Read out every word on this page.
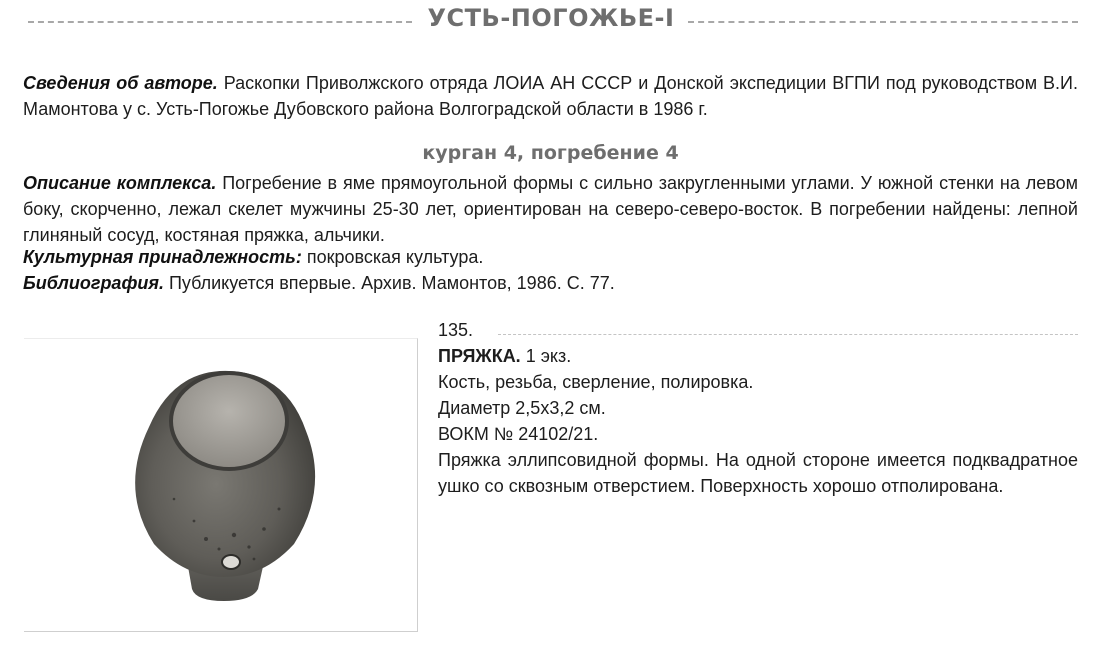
УСТЬ-ПОГОЖЬЕ-I

Сведения об авторе. Раскопки Приволжского отряда ЛОИА АН СССР и Донской экспедиции ВГПИ под руководством В.И. Мамонтова у с. Усть-Погожье Дубовского района Волгоградской области в 1986 г.

курган 4, погребение 4

Описание комплекса. Погребение в яме прямоугольной формы с сильно закругленными углами. У южной стенки на левом боку, скорченно, лежал скелет мужчины 25-30 лет, ориентирован на северо-северо-восток. В погребении найдены: лепной глиняный сосуд, костяная пряжка, альчики.

Культурная принадлежность: покровская культура.

Библиография. Публикуется впервые. Архив. Мамонтов, 1986. С. 77.

135.
ПРЯЖКА. 1 экз.
Кость, резьба, сверление, полировка.
Диаметр 2,5х3,2 см.
ВОКМ № 24102/21.
Пряжка эллипсовидной формы. На одной стороне имеется подквадратное ушко со сквозным отверстием. Поверхность хорошо отполирована.
